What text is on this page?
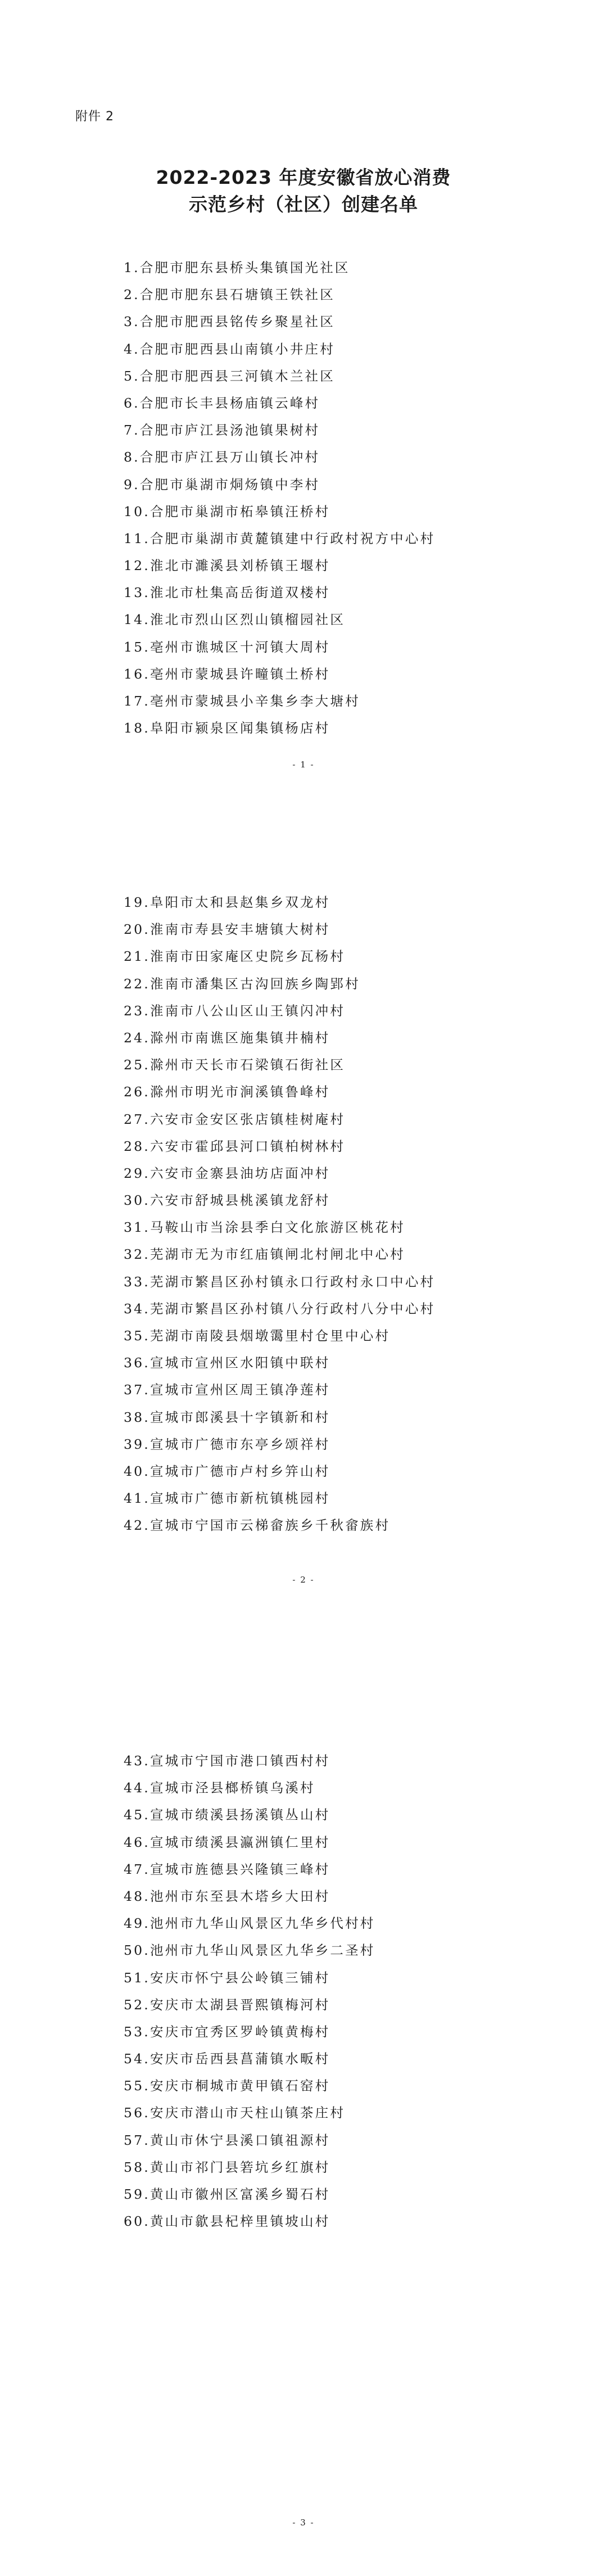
附件 2
2022-2023 年度安徽省放心消费
示范乡村（社区）创建名单
1.合肥市肥东县桥头集镇国光社区
2.合肥市肥东县石塘镇王铁社区
3.合肥市肥西县铭传乡聚星社区
4.合肥市肥西县山南镇小井庄村
5.合肥市肥西县三河镇木兰社区
6.合肥市长丰县杨庙镇云峰村
7.合肥市庐江县汤池镇果树村
8.合肥市庐江县万山镇长冲村
9.合肥市巢湖市烔炀镇中李村
10.合肥市巢湖市柘皋镇汪桥村
11.合肥市巢湖市黄麓镇建中行政村祝方中心村
12.淮北市濉溪县刘桥镇王堰村
13.淮北市杜集高岳街道双楼村
14.淮北市烈山区烈山镇榴园社区
15.亳州市谯城区十河镇大周村
16.亳州市蒙城县许疃镇土桥村
17.亳州市蒙城县小辛集乡李大塘村
18.阜阳市颍泉区闻集镇杨店村
- 1 -
19.阜阳市太和县赵集乡双龙村
20.淮南市寿县安丰塘镇大树村
21.淮南市田家庵区史院乡瓦杨村
22.淮南市潘集区古沟回族乡陶郢村
23.淮南市八公山区山王镇闪冲村
24.滁州市南谯区施集镇井楠村
25.滁州市天长市石梁镇石街社区
26.滁州市明光市涧溪镇鲁峰村
27.六安市金安区张店镇桂树庵村
28.六安市霍邱县河口镇柏树林村
29.六安市金寨县油坊店面冲村
30.六安市舒城县桃溪镇龙舒村
31.马鞍山市当涂县季白文化旅游区桃花村
32.芜湖市无为市红庙镇闸北村闸北中心村
33.芜湖市繁昌区孙村镇永口行政村永口中心村
34.芜湖市繁昌区孙村镇八分行政村八分中心村
35.芜湖市南陵县烟墩霭里村仓里中心村
36.宣城市宣州区水阳镇中联村
37.宣城市宣州区周王镇净莲村
38.宣城市郎溪县十字镇新和村
39.宣城市广德市东亭乡颂祥村
40.宣城市广德市卢村乡笄山村
41.宣城市广德市新杭镇桃园村
42.宣城市宁国市云梯畲族乡千秋畲族村
- 2 -
43.宣城市宁国市港口镇西村村
44.宣城市泾县榔桥镇乌溪村
45.宣城市绩溪县扬溪镇丛山村
46.宣城市绩溪县瀛洲镇仁里村
47.宣城市旌德县兴隆镇三峰村
48.池州市东至县木塔乡大田村
49.池州市九华山风景区九华乡代村村
50.池州市九华山风景区九华乡二圣村
51.安庆市怀宁县公岭镇三铺村
52.安庆市太湖县晋熙镇梅河村
53.安庆市宜秀区罗岭镇黄梅村
54.安庆市岳西县菖蒲镇水畈村
55.安庆市桐城市黄甲镇石窑村
56.安庆市潜山市天柱山镇茶庄村
57.黄山市休宁县溪口镇祖源村
58.黄山市祁门县箬坑乡红旗村
59.黄山市徽州区富溪乡蜀石村
60.黄山市歙县杞梓里镇坡山村
- 3 -
